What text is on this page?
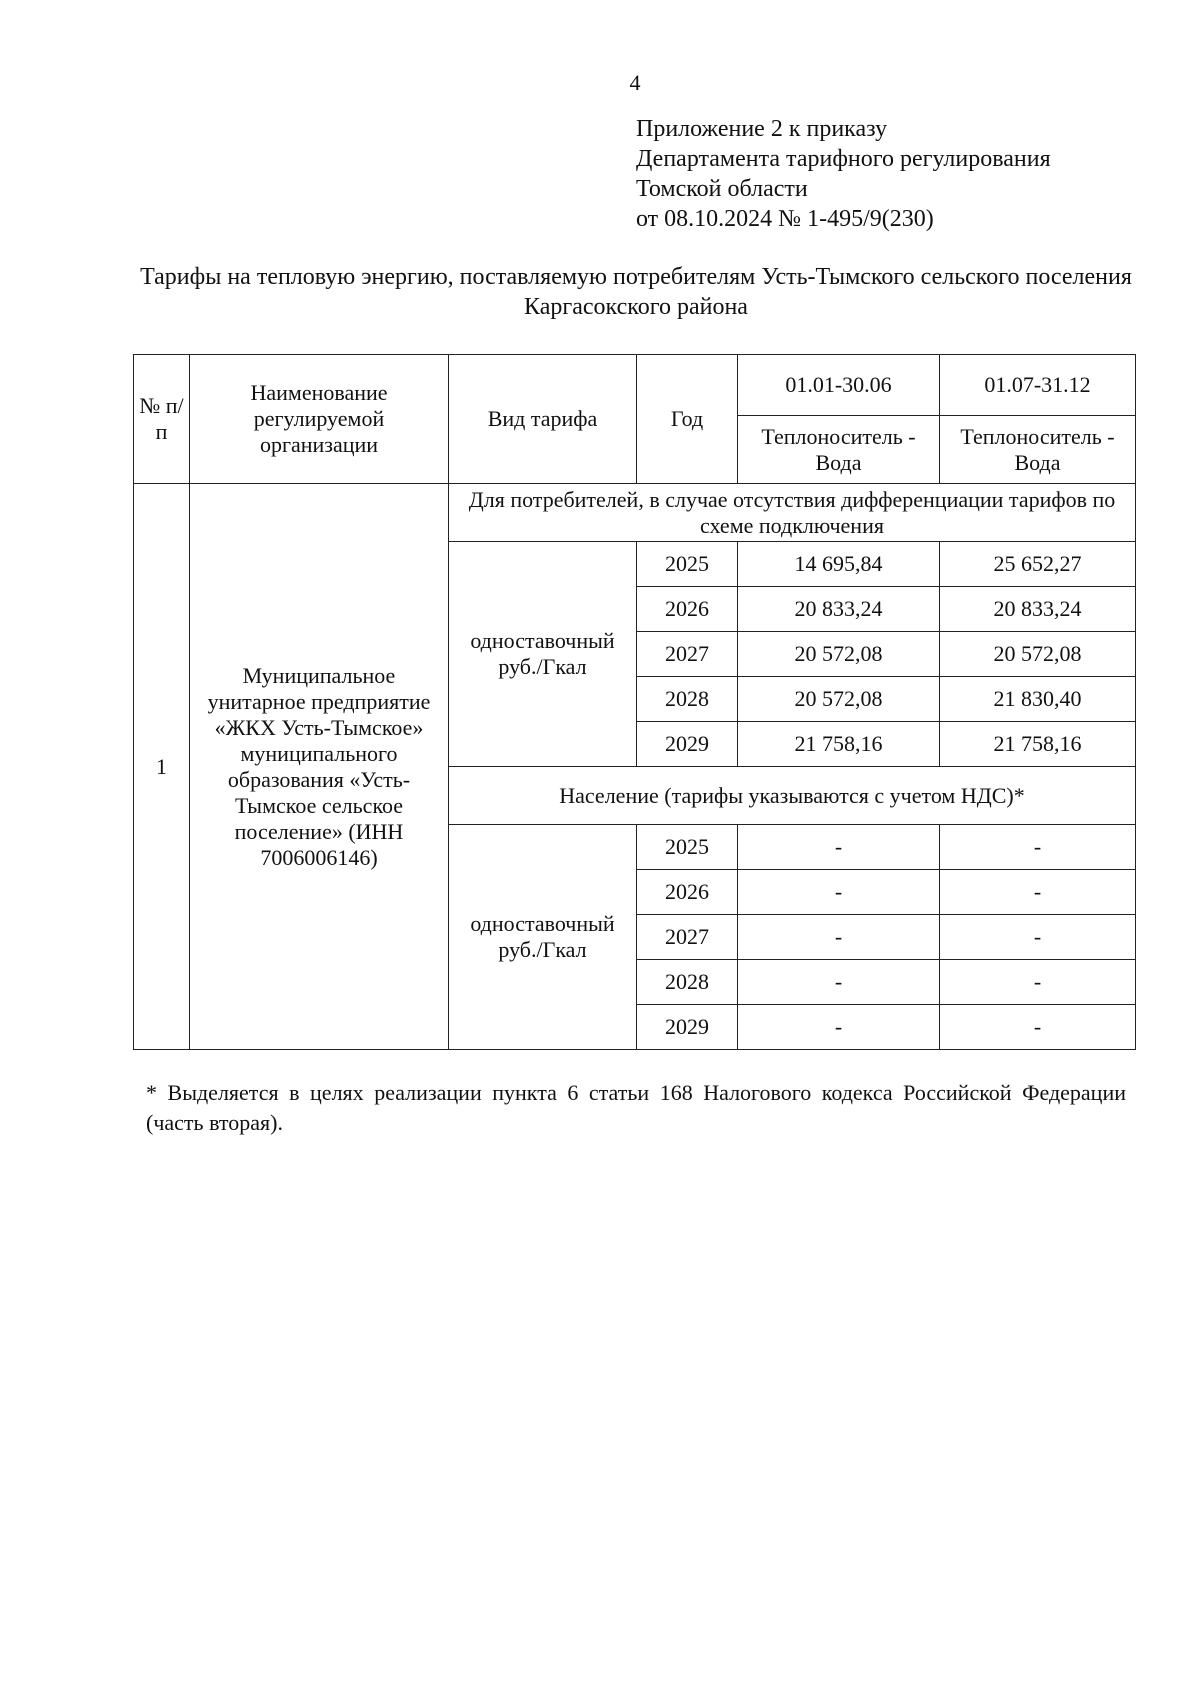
4
Приложение 2 к приказу
Департамента тарифного регулирования
Томской области
от 08.10.2024 № 1-495/9(230)
Тарифы на тепловую энергию, поставляемую потребителям Усть-Тымского сельского поселения Каргасокского района
№ п/п	Наименование регулируемой организации	Вид тарифа	Год	01.01-30.06	01.07-31.12
				Теплоноситель - Вода	Теплоноситель - Вода
1	Муниципальное унитарное предприятие «ЖКХ Усть-Тымское» муниципального образования «Усть-Тымское сельское поселение» (ИНН 7006006146)	Для потребителей, в случае отсутствия дифференциации тарифов по схеме подключения			
		одноставочный руб./Гкал	2025	14 695,84	25 652,27
			2026	20 833,24	20 833,24
			2027	20 572,08	20 572,08
			2028	20 572,08	21 830,40
			2029	21 758,16	21 758,16
		Население (тарифы указываются с учетом НДС)*			
		одноставочный руб./Гкал	2025	-	-
			2026	-	-
			2027	-	-
			2028	-	-
			2029	-	-
* Выделяется в целях реализации пункта 6 статьи 168 Налогового кодекса Российской Федерации (часть вторая).
